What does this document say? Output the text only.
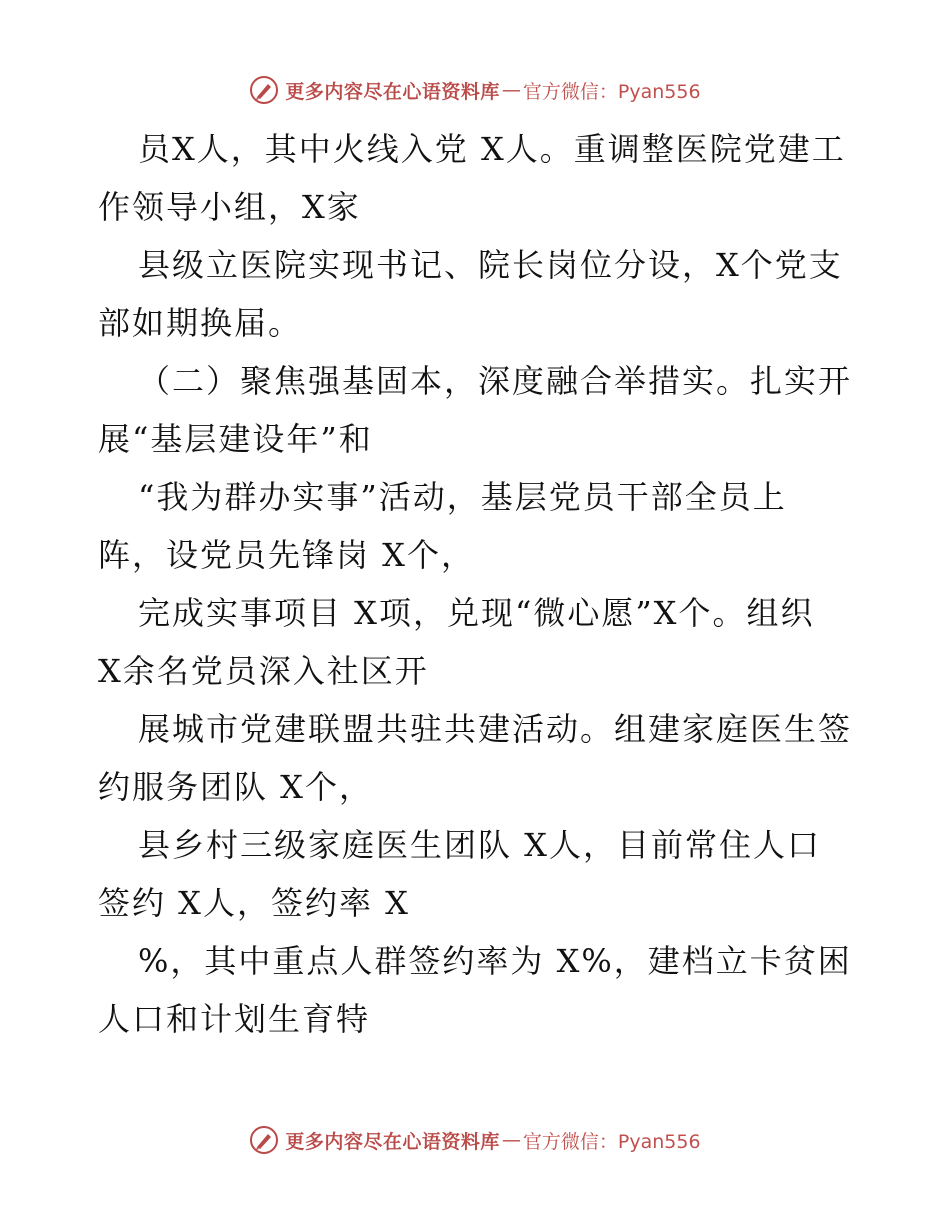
更多内容尽在心语资料库 — 官方微信：Pyan556
员X人，其中火线入党 X人。重调整医院党建工
作领导小组，X家
县级立医院实现书记、院长岗位分设，X个党支
部如期换届。
（二）聚焦强基固本，深度融合举措实。扎实开
展“基层建设年”和
“我为群办实事”活动，基层党员干部全员上
阵，设党员先锋岗 X个，
完成实事项目 X项，兑现“微心愿”X个。组织
X余名党员深入社区开
展城市党建联盟共驻共建活动。组建家庭医生签
约服务团队 X个，
县乡村三级家庭医生团队 X人，目前常住人口
签约 X人，签约率 X
%，其中重点人群签约率为 X%，建档立卡贫困
人口和计划生育特
更多内容尽在心语资料库 — 官方微信：Pyan556
